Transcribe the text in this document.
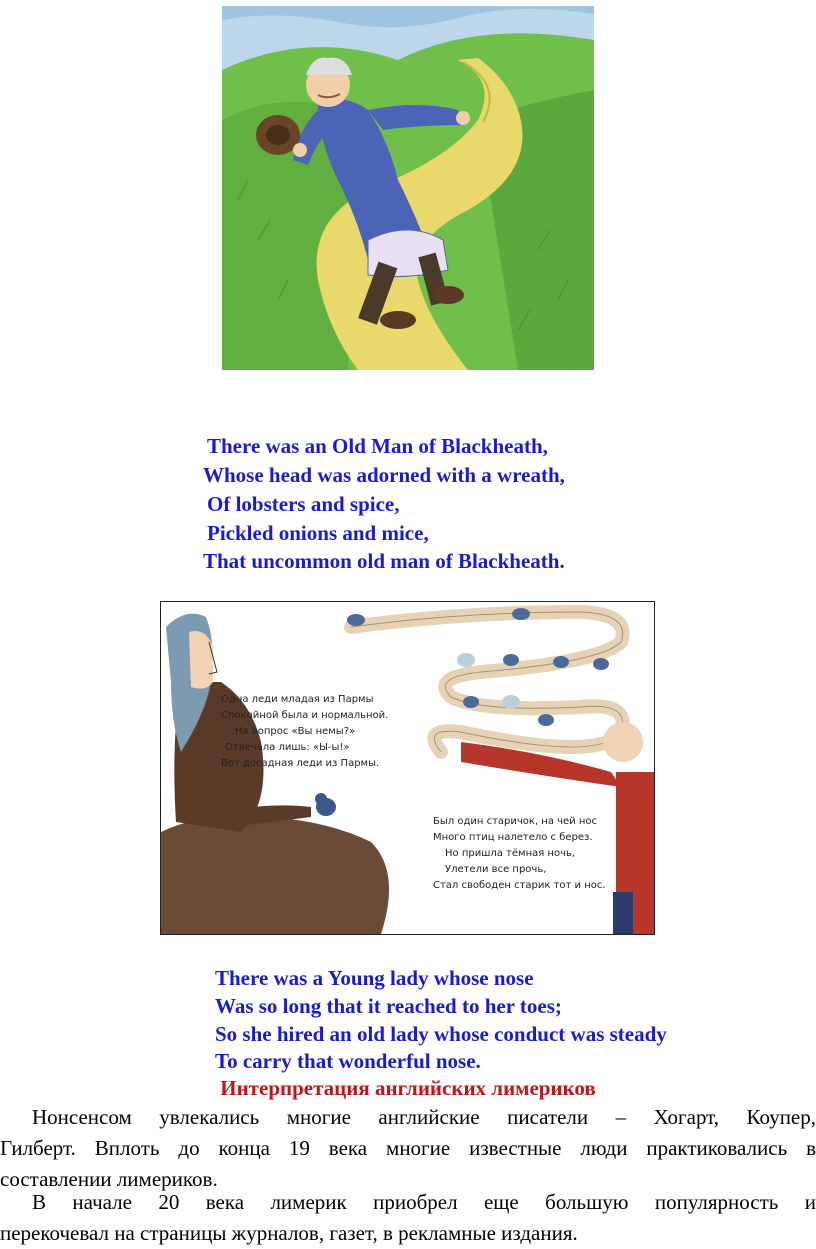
There was an Old Man of Blackheath,
Whose head was adorned with a wreath,
Of lobsters and spice,
Pickled onions and mice,
That uncommon old man of Blackheath.
Одна леди младая из Пармы
Спокойной была и нормальной.
На вопрос «Вы немы?»
Отвечала лишь: «Ы-ы!»
Вот досадная леди из Пармы.
Был один старичок, на чей нос
Много птиц налетело с берез.
Но пришла тёмная ночь,
Улетели все прочь,
Стал свободен старик тот и нос.
There was a Young lady whose nose
Was so long that it reached to her toes;
So she hired an old lady whose conduct was steady
To carry that wonderful nose.
Интерпретация английских лимериков
Нонсенсом увлекались многие английские писатели – Хогарт, Коупер,
Гилберт. Вплоть до конца 19 века многие известные люди практиковались в
составлении лимериков.
В начале 20 века лимерик приобрел еще большую популярность и
перекочевал на страницы журналов, газет, в рекламные издания.
